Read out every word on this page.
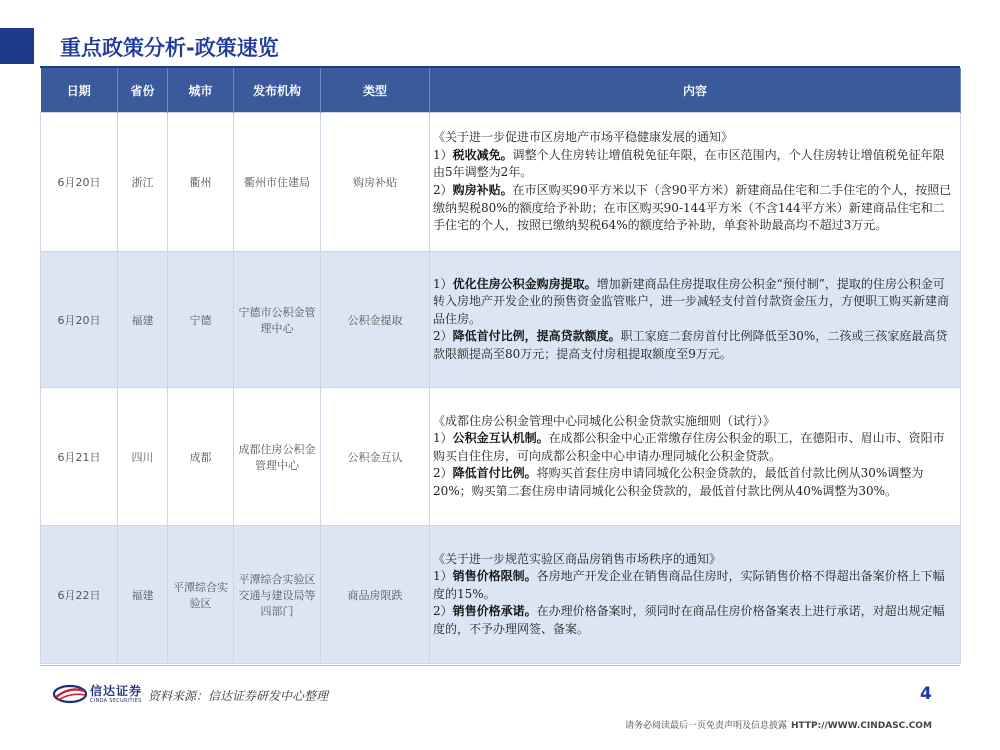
重点政策分析-政策速览
日期	省份	城市	发布机构	类型	内容
6月20日	浙江	衢州	衢州市住建局	购房补贴	《关于进一步促进市区房地产市场平稳健康发展的通知》

1）税收减免。调整个人住房转让增值税免征年限，在市区范围内，个人住房转让增值税免征年限由5年调整为2年。

2）购房补贴。在市区购买90平方米以下（含90平方米）新建商品住宅和二手住宅的个人，按照已缴纳契税80%的额度给予补助；在市区购买90-144平方米（不含144平方米）新建商品住宅和二手住宅的个人，按照已缴纳契税64%的额度给予补助，单套补助最高均不超过3万元。

6月20日	福建	宁德	宁德市公积金管理中心	公积金提取	1）优化住房公积金购房提取。增加新建商品住房提取住房公积金“预付制”，提取的住房公积金可转入房地产开发企业的预售资金监管账户，进一步减轻支付首付款资金压力，方便职工购买新建商品住房。

2）降低首付比例，提高贷款额度。职工家庭二套房首付比例降低至30%，二孩或三孩家庭最高贷款限额提高至80万元；提高支付房租提取额度至9万元。

6月21日	四川	成都	成都住房公积金管理中心	公积金互认	《成都住房公积金管理中心同城化公积金贷款实施细则（试行）》

1）公积金互认机制。在成都公积金中心正常缴存住房公积金的职工，在德阳市、眉山市、资阳市购买自住住房，可向成都公积金中心申请办理同城化公积金贷款。

2）降低首付比例。将购买首套住房申请同城化公积金贷款的，最低首付款比例从30%调整为20%；购买第二套住房申请同城化公积金贷款的，最低首付款比例从40%调整为30%。

6月22日	福建	平潭综合实验区	平潭综合实验区交通与建设局等四部门	商品房限跌	《关于进一步规范实验区商品房销售市场秩序的通知》

1）销售价格限制。各房地产开发企业在销售商品住房时，实际销售价格不得超出备案价格上下幅度的15%。

2）销售价格承诺。在办理价格备案时，须同时在商品住房价格备案表上进行承诺，对超出规定幅度的，不予办理网签、备案。

信达证券
CINDA SECURITIES 资料来源：信达证券研发中心整理	4
请务必阅读最后一页免责声明及信息披露 HTTP://WWW.CINDASC.COM
